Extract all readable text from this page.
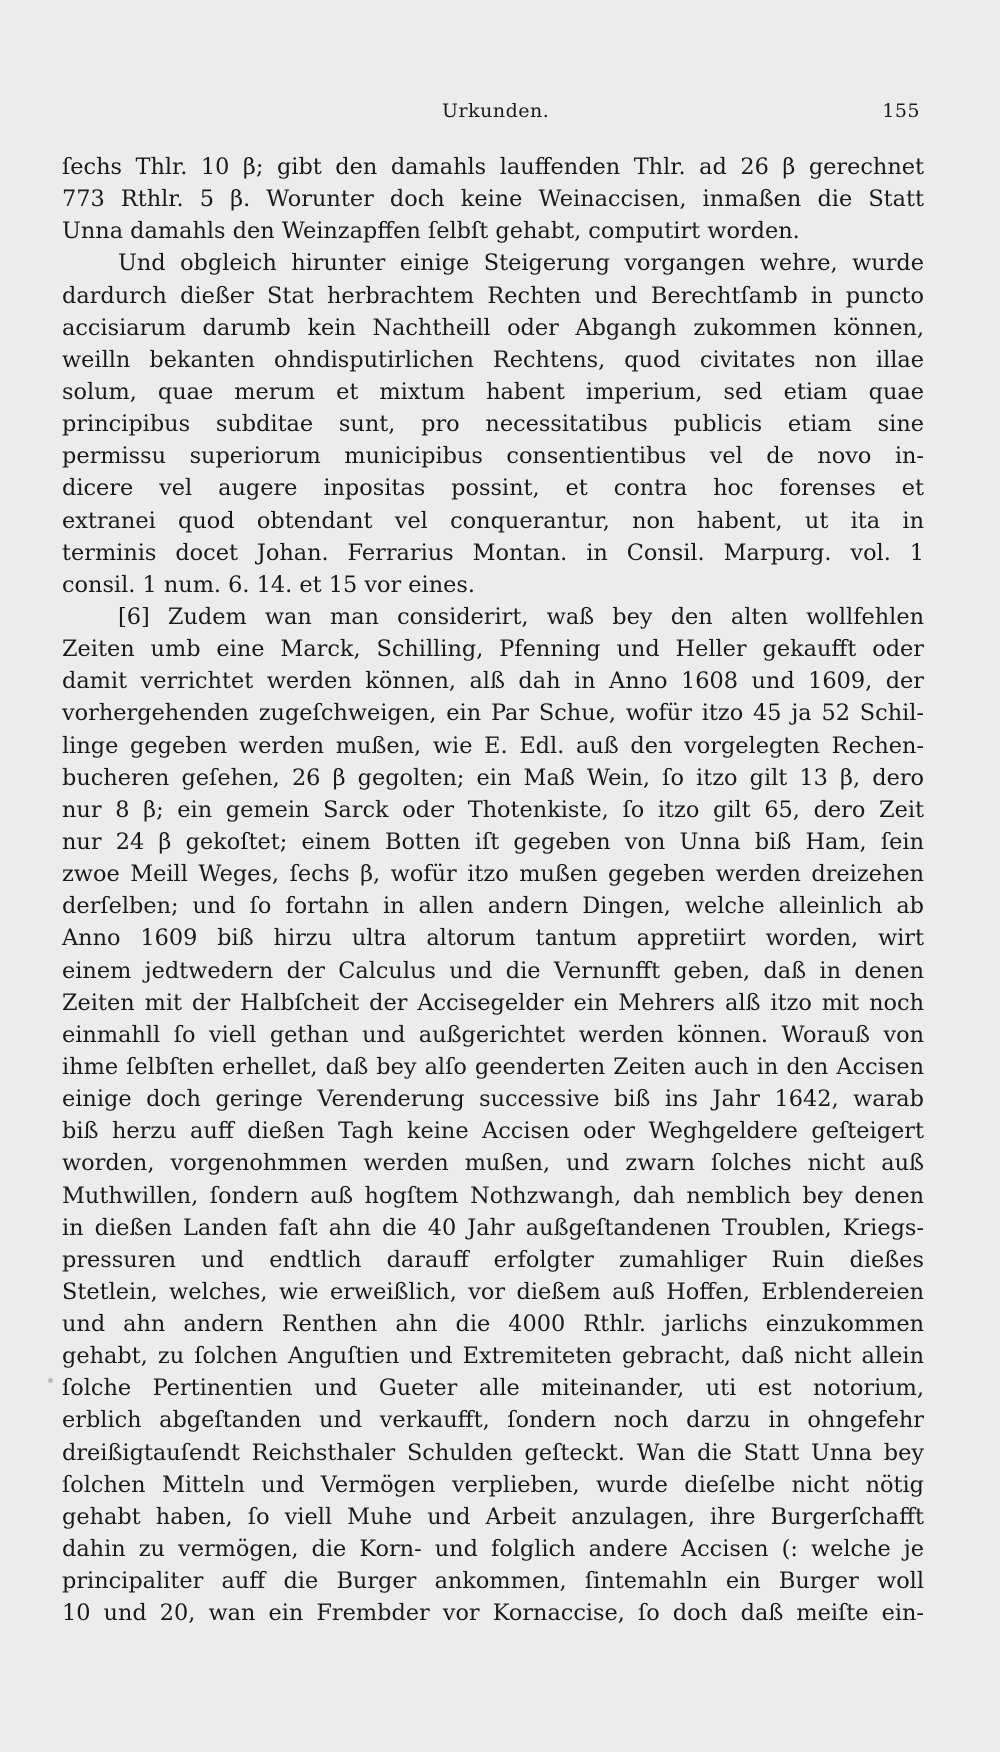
Urkunden.	155
ſechs Thlr. 10 β; gibt den damahls lauffenden Thlr. ad 26 β gerechnet
773 Rthlr. 5 β. Worunter doch keine Weinaccisen, inmaßen die Statt
Unna damahls den Weinzapffen ſelbſt gehabt, computirt worden.
Und obgleich hirunter einige Steigerung vorgangen wehre, wurde
dardurch dießer Stat herbrachtem Rechten und Berechtſamb in puncto
accisiarum darumb kein Nachtheill oder Abgangh zukommen können,
weilln bekanten ohndisputirlichen Rechtens, quod civitates non illae
solum, quae merum et mixtum habent imperium, sed etiam quae
principibus subditae sunt, pro necessitatibus publicis etiam sine
permissu superiorum municipibus consentientibus vel de novo in-
dicere vel augere inpositas possint, et contra hoc forenses et
extranei quod obtendant vel conquerantur, non habent, ut ita in
terminis docet Johan. Ferrarius Montan. in Consil. Marpurg. vol. 1
consil. 1 num. 6. 14. et 15 vor eines.
[6] Zudem wan man considerirt, waß bey den alten wollfehlen
Zeiten umb eine Marck, Schilling, Pfenning und Heller gekaufft oder
damit verrichtet werden können, alß dah in Anno 1608 und 1609, der
vorhergehenden zugeſchweigen, ein Par Schue, wofür itzo 45 ja 52 Schil-
linge gegeben werden mußen, wie E. Edl. auß den vorgelegten Rechen-
bucheren geſehen, 26 β gegolten; ein Maß Wein, ſo itzo gilt 13 β, dero
nur 8 β; ein gemein Sarck oder Thotenkiste, ſo itzo gilt 65, dero Zeit
nur 24 β gekoſtet; einem Botten iſt gegeben von Unna biß Ham, ſein
zwoe Meill Weges, ſechs β, wofür itzo mußen gegeben werden dreizehen
derſelben; und ſo fortahn in allen andern Dingen, welche alleinlich ab
Anno 1609 biß hirzu ultra altorum tantum appretiirt worden, wirt
einem jedtwedern der Calculus und die Vernunfft geben, daß in denen
Zeiten mit der Halbſcheit der Accisegelder ein Mehrers alß itzo mit noch
einmahll ſo viell gethan und außgerichtet werden können. Worauß von
ihme ſelbſten erhellet, daß bey alſo geenderten Zeiten auch in den Accisen
einige doch geringe Verenderung successive biß ins Jahr 1642, warab
biß herzu auff dießen Tagh keine Accisen oder Weghgeldere geſteigert
worden, vorgenohmmen werden mußen, und zwarn ſolches nicht auß
Muthwillen, ſondern auß hogſtem Nothzwangh, dah nemblich bey denen
in dießen Landen faſt ahn die 40 Jahr außgeſtandenen Troublen, Kriegs-
pressuren und endtlich darauff erfolgter zumahliger Ruin dießes
Stetlein, welches, wie erweißlich, vor dießem auß Hoffen, Erblendereien
und ahn andern Renthen ahn die 4000 Rthlr. jarlichs einzukommen
gehabt, zu ſolchen Anguſtien und Extremiteten gebracht, daß nicht allein
ſolche Pertinentien und Gueter alle miteinander, uti est notorium,
erblich abgeſtanden und verkaufft, ſondern noch darzu in ohngefehr
dreißigtauſendt Reichsthaler Schulden geſteckt. Wan die Statt Unna bey
ſolchen Mitteln und Vermögen verplieben, wurde dieſelbe nicht nötig
gehabt haben, ſo viell Muhe und Arbeit anzulagen, ihre Burgerſchafft
dahin zu vermögen, die Korn- und folglich andere Accisen (: welche je
principaliter auff die Burger ankommen, ſintemahln ein Burger woll
10 und 20, wan ein Frembder vor Kornaccise, ſo doch daß meiſte ein-
